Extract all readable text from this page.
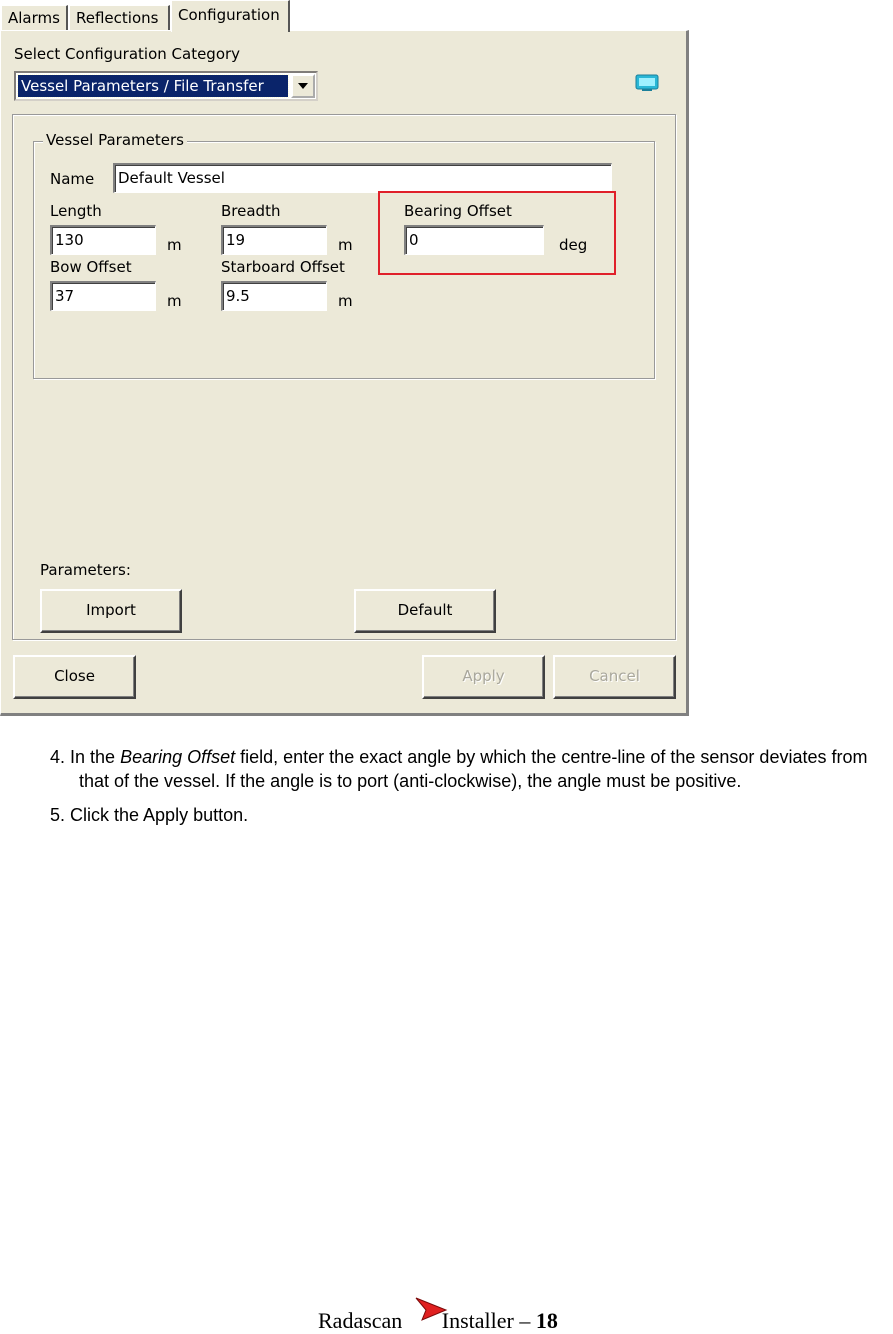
Alarms	Reflections	Configuration
Select Configuration Category
Vessel Parameters / File Transfer
Vessel Parameters
Name	Default Vessel
Length
130	m
Breadth
19	m
Bearing Offset
0	deg
Bow Offset
37	m
Starboard Offset
9.5	m
Parameters:
Import	Default
Close	Apply	Cancel
4. In the Bearing Offset field, enter the exact angle by which the centre-line of the sensor deviates from that of the vessel. If the angle is to port (anti-clockwise), the angle must be positive.
5. Click the Apply button.
Radascan Installer – 18
